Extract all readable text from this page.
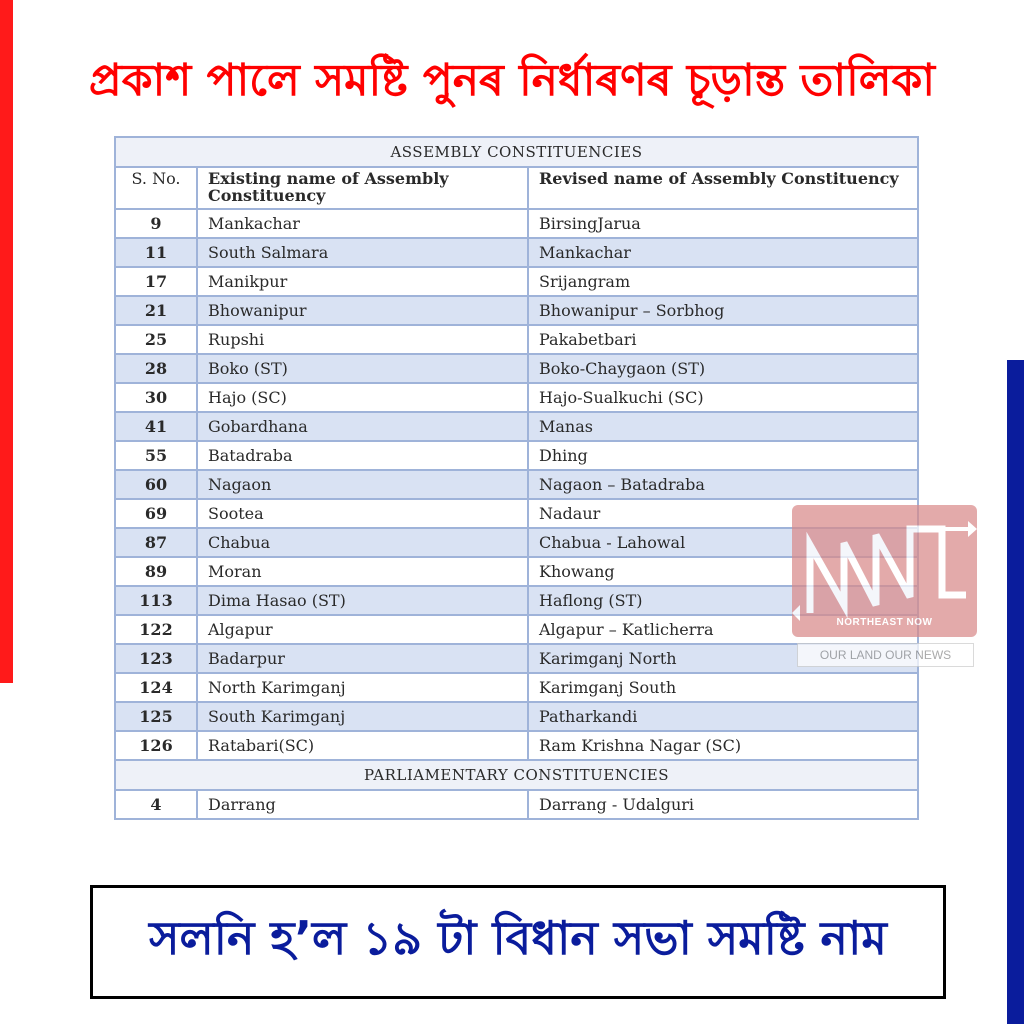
প্ৰকাশ পালে সমষ্টি পুনৰ নিৰ্ধাৰণৰ চূড়ান্ত তালিকা
ASSEMBLY CONSTITUENCIES		
S. No.	Existing name of Assembly Constituency	Revised name of Assembly Constituency
9	Mankachar	BirsingJarua
11	South Salmara	Mankachar
17	Manikpur	Srijangram
21	Bhowanipur	Bhowanipur – Sorbhog
25	Rupshi	Pakabetbari
28	Boko (ST)	Boko-Chaygaon (ST)
30	Hajo (SC)	Hajo-Sualkuchi (SC)
41	Gobardhana	Manas
55	Batadraba	Dhing
60	Nagaon	Nagaon – Batadraba
69	Sootea	Nadaur
87	Chabua	Chabua - Lahowal
89	Moran	Khowang
113	Dima Hasao (ST)	Haflong (ST)
122	Algapur	Algapur – Katlicherra
123	Badarpur	Karimganj North
124	North Karimganj	Karimganj South
125	South Karimganj	Patharkandi
126	Ratabari(SC)	Ram Krishna Nagar (SC)
PARLIAMENTARY CONSTITUENCIES		
4	Darrang	Darrang - Udalguri
NORTHEAST NOW
OUR LAND OUR NEWS
সলনি হ’ল ১৯ টা বিধান সভা সমষ্টি নাম
